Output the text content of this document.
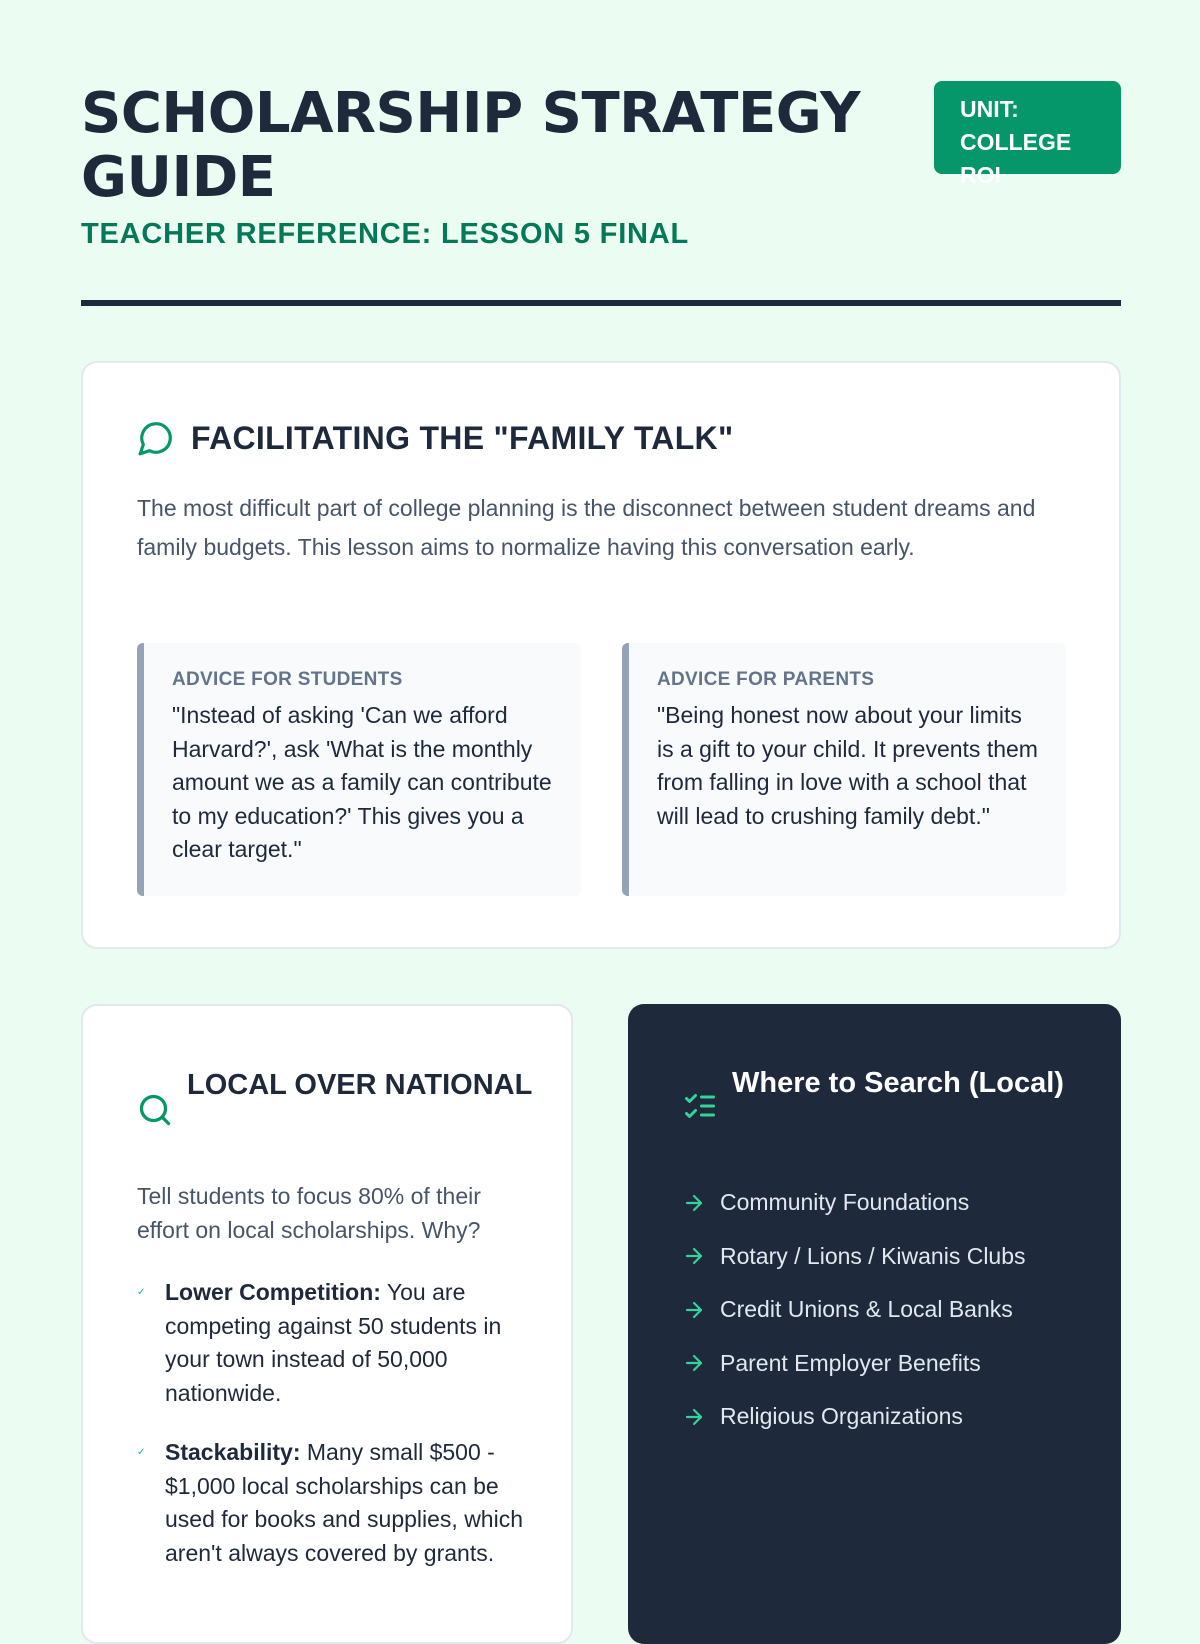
SCHOLARSHIP STRATEGY GUIDE
UNIT: COLLEGE ROI
TEACHER REFERENCE: LESSON 5 FINAL
FACILITATING THE "FAMILY TALK"

The most difficult part of college planning is the disconnect between student dreams and family budgets. This lesson aims to normalize having this conversation early.

ADVICE FOR STUDENTS

"Instead of asking 'Can we afford Harvard?', ask 'What is the monthly amount we as a family can contribute to my education?' This gives you a clear target."

ADVICE FOR PARENTS

"Being honest now about your limits is a gift to your child. It prevents them from falling in love with a school that will lead to crushing family debt."

LOCAL OVER NATIONAL

Tell students to focus 80% of their effort on local scholarships. Why?

✓ Lower Competition: You are competing against 50 students in your town instead of 50,000 nationwide.
✓ Stackability: Many small $500 - $1,000 local scholarships can be used for books and supplies, which aren't always covered by grants.
Where to Search (Local)
Community Foundations
Rotary / Lions / Kiwanis Clubs
Credit Unions & Local Banks
Parent Employer Benefits
Religious Organizations
